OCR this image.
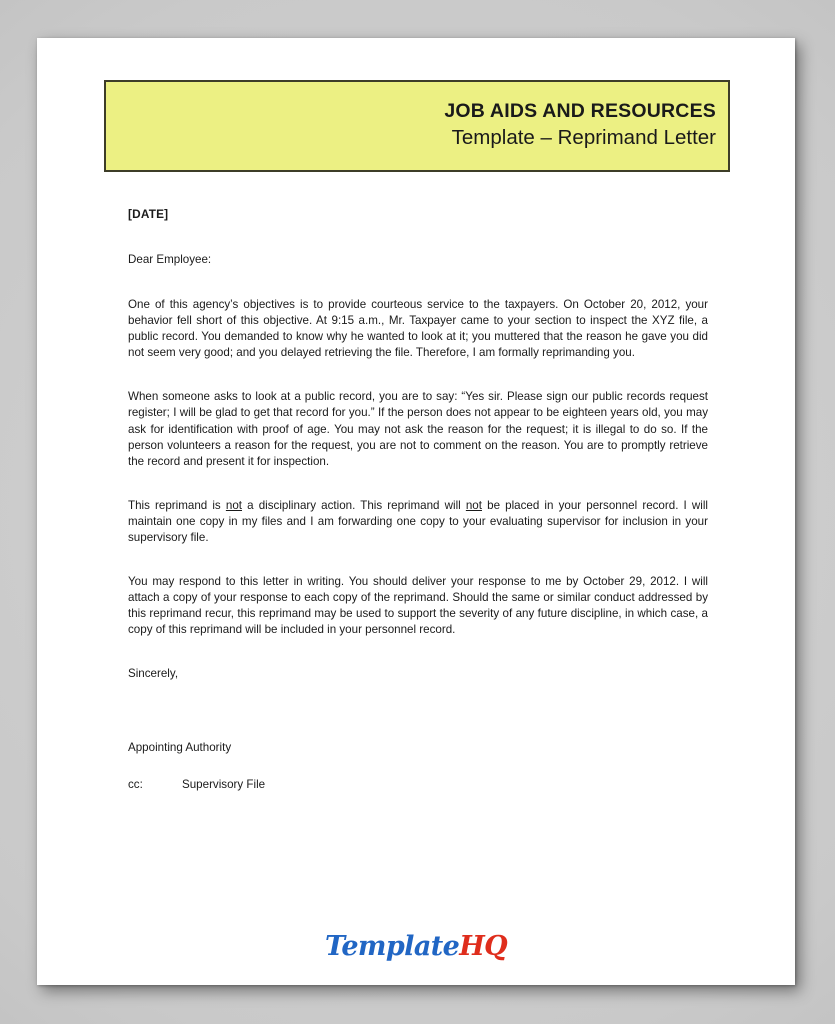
JOB AIDS AND RESOURCES
Template – Reprimand Letter

[DATE]

Dear Employee:

One of this agency’s objectives is to provide courteous service to the taxpayers. On October 20, 2012, your behavior fell short of this objective. At 9:15 a.m., Mr. Taxpayer came to your section to inspect the XYZ file, a public record. You demanded to know why he wanted to look at it; you muttered that the reason he gave you did not seem very good; and you delayed retrieving the file. Therefore, I am formally reprimanding you.

When someone asks to look at a public record, you are to say: “Yes sir. Please sign our public records request register; I will be glad to get that record for you.” If the person does not appear to be eighteen years old, you may ask for identification with proof of age. You may not ask the reason for the request; it is illegal to do so. If the person volunteers a reason for the request, you are not to comment on the reason. You are to promptly retrieve the record and present it for inspection.

This reprimand is not a disciplinary action. This reprimand will not be placed in your personnel record. I will maintain one copy in my files and I am forwarding one copy to your evaluating supervisor for inclusion in your supervisory file.

You may respond to this letter in writing. You should deliver your response to me by October 29, 2012. I will attach a copy of your response to each copy of the reprimand. Should the same or similar conduct addressed by this reprimand recur, this reprimand may be used to support the severity of any future discipline, in which case, a copy of this reprimand will be included in your personnel record.

Sincerely,

Appointing Authority

cc:	Supervisory File

TemplateHQ
